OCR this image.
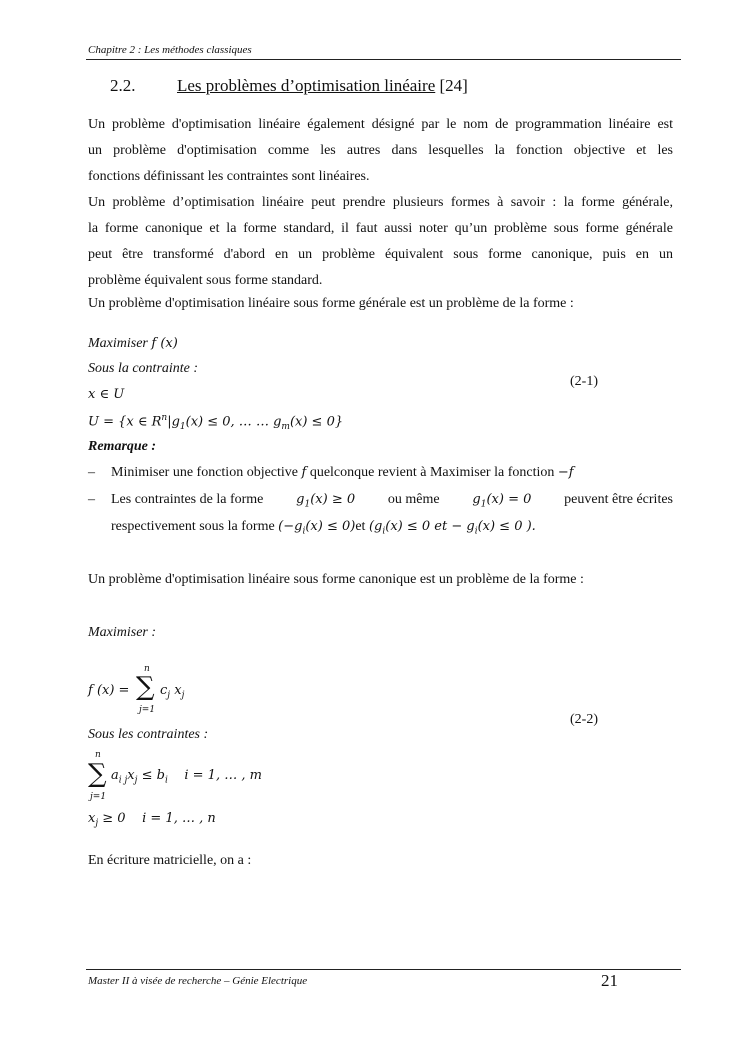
Chapitre 2 : Les méthodes classiques
2.2. Les problèmes d’optimisation linéaire [24]
Un problème d'optimisation linéaire également désigné par le nom de programmation linéaire est
un problème d'optimisation comme les autres dans lesquelles la fonction objective et les
fonctions définissant les contraintes sont linéaires.
Un problème d’optimisation linéaire peut prendre plusieurs formes à savoir : la forme générale,
la forme canonique et la forme standard, il faut aussi noter qu’un problème sous forme générale
peut être transformé d'abord en un problème équivalent sous forme canonique, puis en un
problème équivalent sous forme standard.
Un problème d'optimisation linéaire sous forme générale est un problème de la forme :
Maximiser f (x)
Sous la contrainte :
x ∈ U
U = {x ∈ $R^n|g_1(x) \le 0$, … … $g_m(x) \le 0$}
(2-1)
Remarque :
– Minimiser une fonction objective f quelconque revient à Maximiser la fonction −f
– Les contraintes de la forme	$g_1(x) \ge 0$ ou même	$g_1(x) = 0$ peuvent être écrites
respectivement sous la forme $(-g_i(x) \le 0)et$ ($g_i(x) \le 0$ et − $g_i(x) \le 0$ ).
Un problème d'optimisation linéaire sous forme canonique est un problème de la forme :
Maximiser :
n
f (x) = ∑
j=1
$c_j$ $x_j$
(2-2)
Sous les contraintes :
n
∑
j=1
$a_{i j}x_j \le b_i$ i = 1, … , m
$x_j \ge 0$ i = 1, … , n
En écriture matricielle, on a :
Master II à visée de recherche – Génie Electrique	21
